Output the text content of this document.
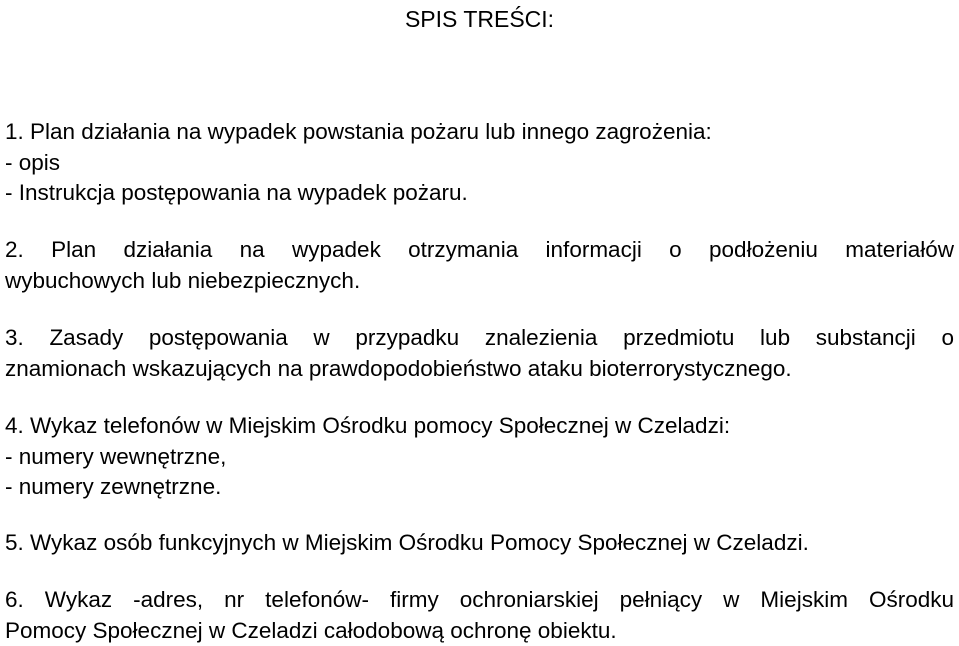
SPIS TREŚCI:
1. Plan działania na wypadek powstania pożaru lub innego zagrożenia:
- opis
- Instrukcja postępowania na wypadek pożaru.
2. Plan działania na wypadek otrzymania informacji o podłożeniu materiałów
wybuchowych lub niebezpiecznych.
3. Zasady postępowania w przypadku znalezienia przedmiotu lub substancji o
znamionach wskazujących na prawdopodobieństwo ataku bioterrorystycznego.
4. Wykaz telefonów w Miejskim Ośrodku pomocy Społecznej w Czeladzi:
- numery wewnętrzne,
- numery zewnętrzne.
5. Wykaz osób funkcyjnych w Miejskim Ośrodku Pomocy Społecznej w Czeladzi.
6. Wykaz -adres, nr telefonów- firmy ochroniarskiej pełniący w Miejskim Ośrodku
Pomocy Społecznej w Czeladzi całodobową ochronę obiektu.
